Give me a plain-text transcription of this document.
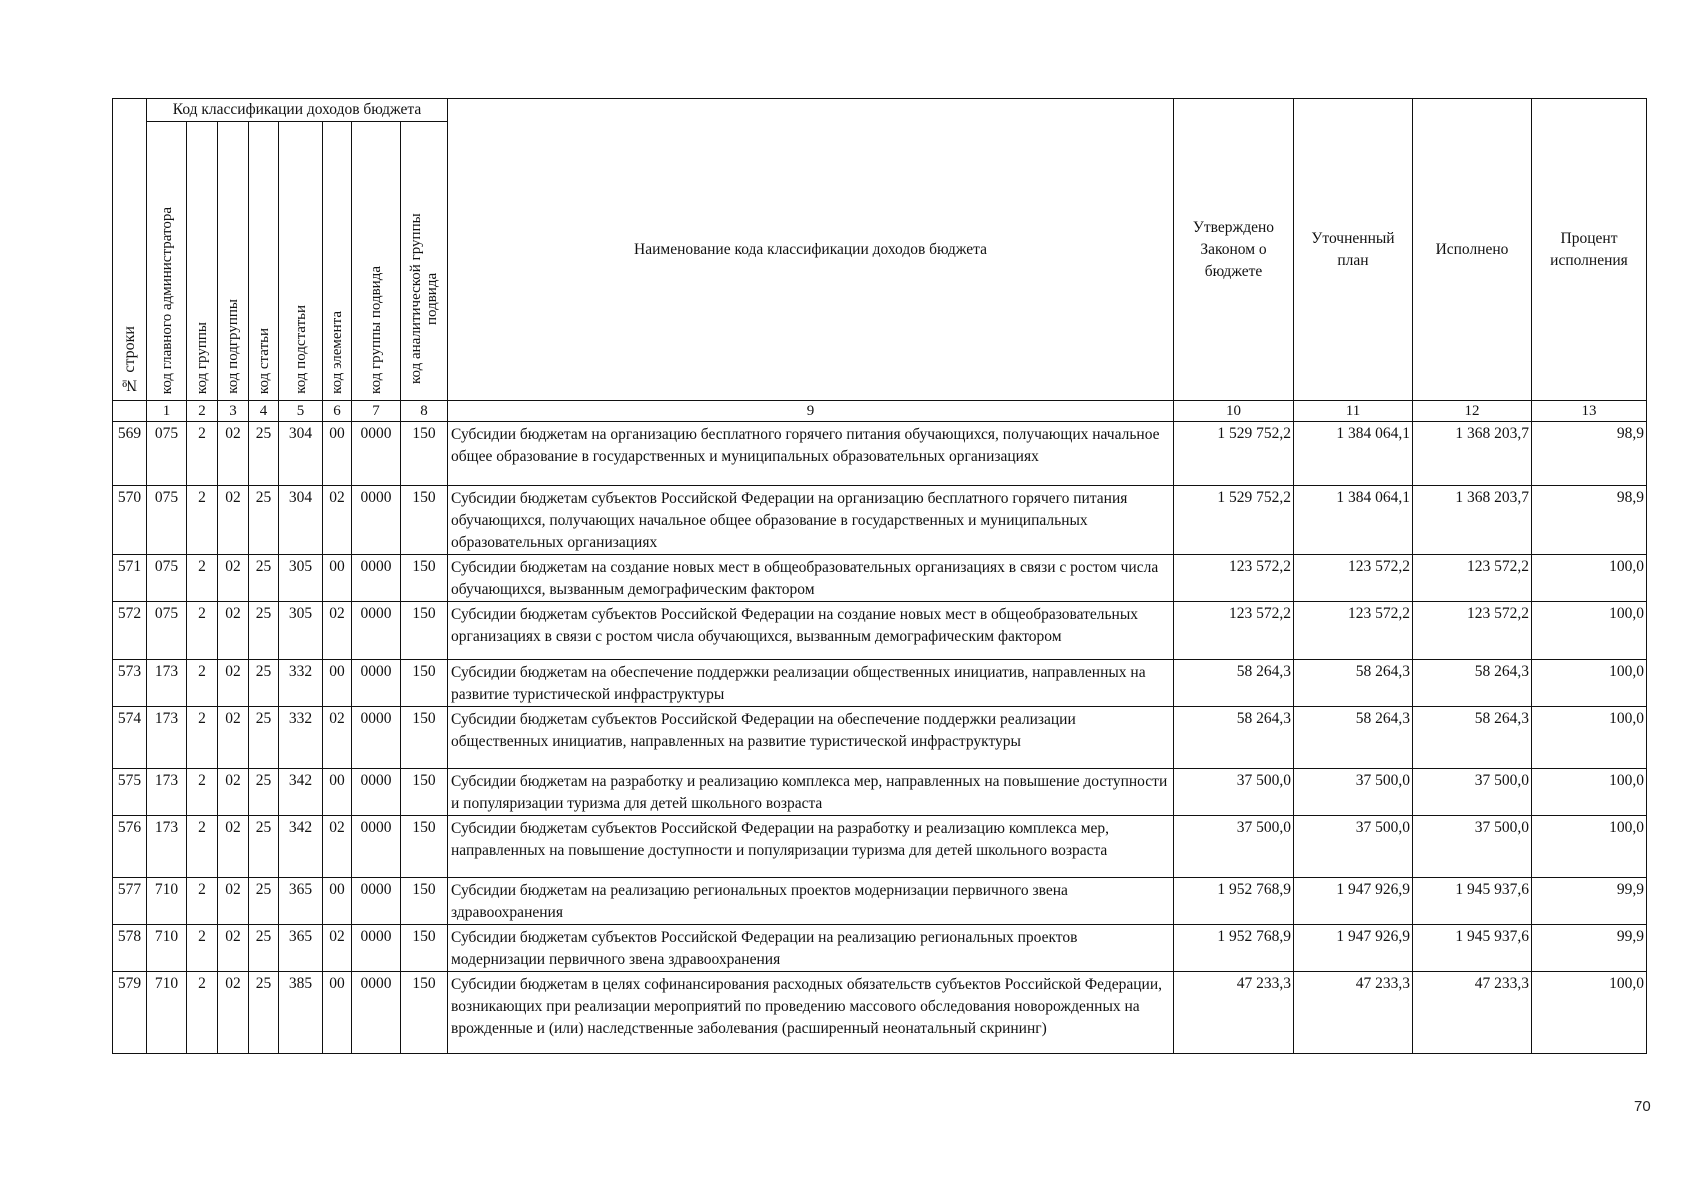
№ строки	Код классификации доходов бюджета								Наименование кода классификации доходов бюджета	Утверждено Законом о бюджете	Уточненный план	Исполнено	Процент исполнения

	код главного администратора	код группы	код подгруппы	код статьи	код подстатьи	код элемента	код группы подвида	код аналитической группы подвида					

	1	2	3	4	5	6	7	8	9	10	11	12	13
569	075	2	02	25	304	00	0000	150	Субсидии бюджетам на организацию бесплатного горячего питания обучающихся, получающих начальное общее образование в государственных и муниципальных образовательных организациях	1 529 752,2	1 384 064,1	1 368 203,7	98,9
570	075	2	02	25	304	02	0000	150	Субсидии бюджетам субъектов Российской Федерации на организацию бесплатного горячего питания обучающихся, получающих начальное общее образование в государственных и муниципальных образовательных организациях	1 529 752,2	1 384 064,1	1 368 203,7	98,9
571	075	2	02	25	305	00	0000	150	Субсидии бюджетам на создание новых мест в общеобразовательных организациях в связи с ростом числа обучающихся, вызванным демографическим фактором	123 572,2	123 572,2	123 572,2	100,0
572	075	2	02	25	305	02	0000	150	Субсидии бюджетам субъектов Российской Федерации на создание новых мест в общеобразовательных организациях в связи с ростом числа обучающихся, вызванным демографическим фактором	123 572,2	123 572,2	123 572,2	100,0
573	173	2	02	25	332	00	0000	150	Субсидии бюджетам на обеспечение поддержки реализации общественных инициатив, направленных на развитие туристической инфраструктуры	58 264,3	58 264,3	58 264,3	100,0
574	173	2	02	25	332	02	0000	150	Субсидии бюджетам субъектов Российской Федерации на обеспечение поддержки реализации общественных инициатив, направленных на развитие туристической инфраструктуры	58 264,3	58 264,3	58 264,3	100,0
575	173	2	02	25	342	00	0000	150	Субсидии бюджетам на разработку и реализацию комплекса мер, направленных на повышение доступности и популяризации туризма для детей школьного возраста	37 500,0	37 500,0	37 500,0	100,0
576	173	2	02	25	342	02	0000	150	Субсидии бюджетам субъектов Российской Федерации на разработку и реализацию комплекса мер, направленных на повышение доступности и популяризации туризма для детей школьного возраста	37 500,0	37 500,0	37 500,0	100,0
577	710	2	02	25	365	00	0000	150	Субсидии бюджетам на реализацию региональных проектов модернизации первичного звена здравоохранения	1 952 768,9	1 947 926,9	1 945 937,6	99,9
578	710	2	02	25	365	02	0000	150	Субсидии бюджетам субъектов Российской Федерации на реализацию региональных проектов модернизации первичного звена здравоохранения	1 952 768,9	1 947 926,9	1 945 937,6	99,9
579	710	2	02	25	385	00	0000	150	Субсидии бюджетам в целях софинансирования расходных обязательств субъектов Российской Федерации, возникающих при реализации мероприятий по проведению массового обследования новорожденных на врожденные и (или) наследственные заболевания (расширенный неонатальный скрининг)	47 233,3	47 233,3	47 233,3	100,0
70
